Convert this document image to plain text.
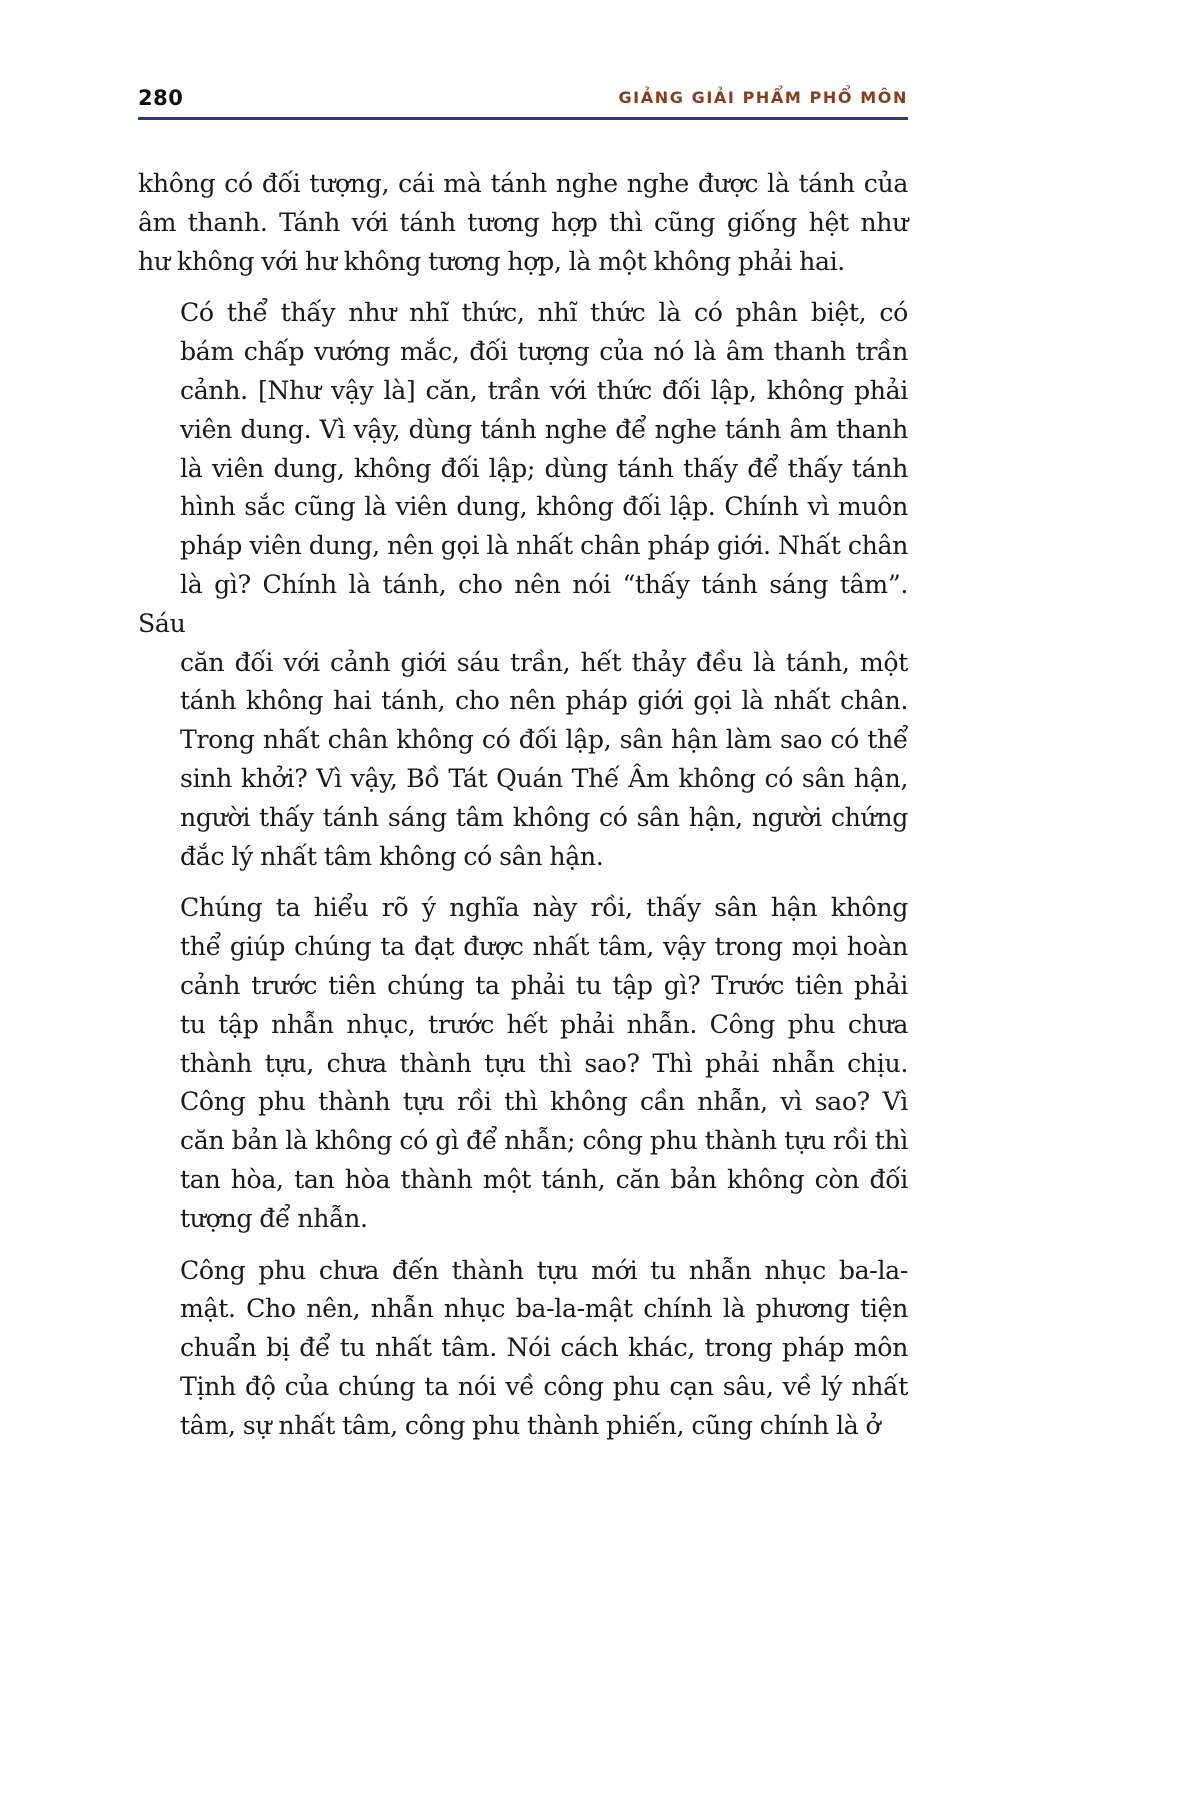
280	GIẢNG GIẢI PHẨM PHỔ MÔN

không có đối tượng, cái mà tánh nghe nghe được là tánh của
âm thanh. Tánh với tánh tương hợp thì cũng giống hệt như
hư không với hư không tương hợp, là một không phải hai.

Có thể thấy như nhĩ thức, nhĩ thức là có phân biệt, có
bám chấp vướng mắc, đối tượng của nó là âm thanh trần
cảnh. [Như vậy là] căn, trần với thức đối lập, không phải
viên dung. Vì vậy, dùng tánh nghe để nghe tánh âm thanh
là viên dung, không đối lập; dùng tánh thấy để thấy tánh
hình sắc cũng là viên dung, không đối lập. Chính vì muôn
pháp viên dung, nên gọi là nhất chân pháp giới. Nhất chân
là gì? Chính là tánh, cho nên nói “thấy tánh sáng tâm”. Sáu
căn đối với cảnh giới sáu trần, hết thảy đều là tánh, một
tánh không hai tánh, cho nên pháp giới gọi là nhất chân.
Trong nhất chân không có đối lập, sân hận làm sao có thể
sinh khởi? Vì vậy, Bồ Tát Quán Thế Âm không có sân hận,
người thấy tánh sáng tâm không có sân hận, người chứng
đắc lý nhất tâm không có sân hận.

Chúng ta hiểu rõ ý nghĩa này rồi, thấy sân hận không
thể giúp chúng ta đạt được nhất tâm, vậy trong mọi hoàn
cảnh trước tiên chúng ta phải tu tập gì? Trước tiên phải
tu tập nhẫn nhục, trước hết phải nhẫn. Công phu chưa
thành tựu, chưa thành tựu thì sao? Thì phải nhẫn chịu.
Công phu thành tựu rồi thì không cần nhẫn, vì sao? Vì
căn bản là không có gì để nhẫn; công phu thành tựu rồi thì
tan hòa, tan hòa thành một tánh, căn bản không còn đối
tượng để nhẫn.

Công phu chưa đến thành tựu mới tu nhẫn nhục ba-la-
mật. Cho nên, nhẫn nhục ba-la-mật chính là phương tiện
chuẩn bị để tu nhất tâm. Nói cách khác, trong pháp môn
Tịnh độ của chúng ta nói về công phu cạn sâu, về lý nhất
tâm, sự nhất tâm, công phu thành phiến, cũng chính là ở
